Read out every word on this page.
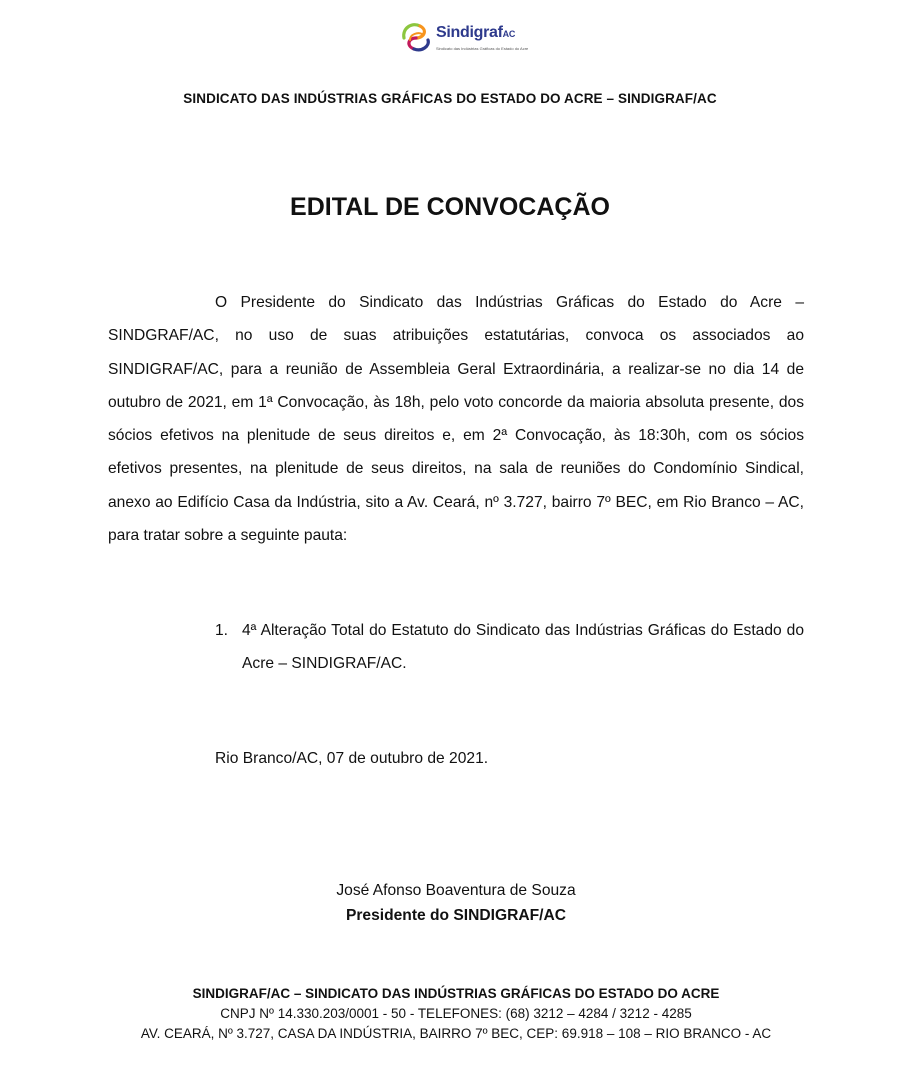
SindigrafAC
Sindicato das Indústrias Gráficas do Estado do Acre
SINDICATO DAS INDÚSTRIAS GRÁFICAS DO ESTADO DO ACRE – SINDIGRAF/AC
EDITAL DE CONVOCAÇÃO

O Presidente do Sindicato das Indústrias Gráficas do Estado do Acre – SINDGRAF/AC, no uso de suas atribuições estatutárias, convoca os associados ao SINDIGRAF/AC, para a reunião de Assembleia Geral Extraordinária, a realizar-se no dia 14 de outubro de 2021, em 1ª Convocação, às 18h, pelo voto concorde da maioria absoluta presente, dos sócios efetivos na plenitude de seus direitos e, em 2ª Convocação, às 18:30h, com os sócios efetivos presentes, na plenitude de seus direitos, na sala de reuniões do Condomínio Sindical, anexo ao Edifício Casa da Indústria, sito a Av. Ceará, nº 3.727, bairro 7º BEC, em Rio Branco – AC, para tratar sobre a seguinte pauta:

1. 4ª Alteração Total do Estatuto do Sindicato das Indústrias Gráficas do Estado do Acre – SINDIGRAF/AC.
Rio Branco/AC, 07 de outubro de 2021.
José Afonso Boaventura de Souza
Presidente do SINDIGRAF/AC
SINDIGRAF/AC – SINDICATO DAS INDÚSTRIAS GRÁFICAS DO ESTADO DO ACRE
CNPJ Nº 14.330.203/0001 - 50 - TELEFONES: (68) 3212 – 4284 / 3212 - 4285
AV. CEARÁ, Nº 3.727, CASA DA INDÚSTRIA, BAIRRO 7º BEC, CEP: 69.918 – 108 – RIO BRANCO - AC
